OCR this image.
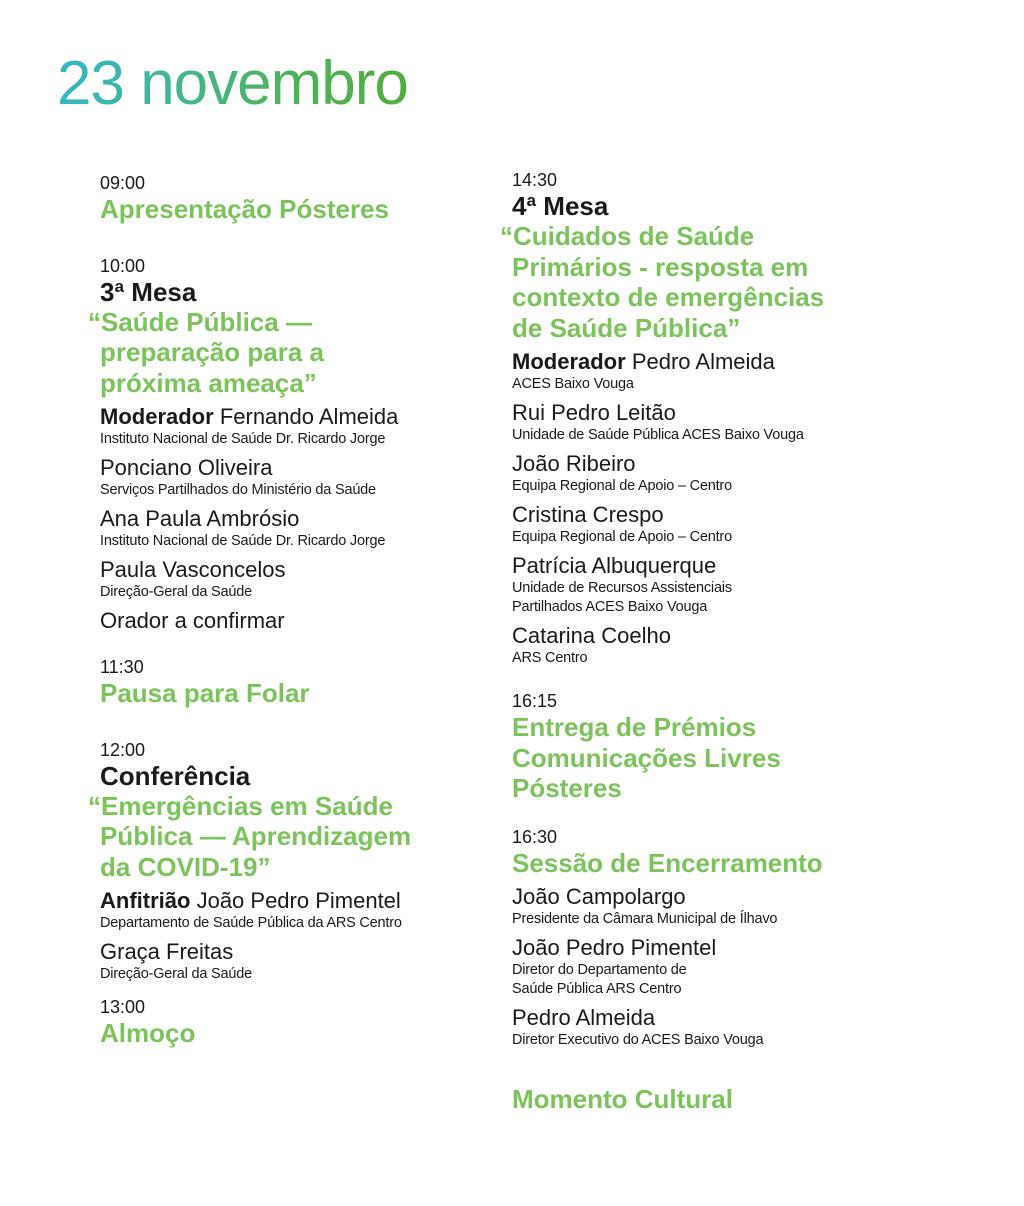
23 novembro
09:00
Apresentação Pósteres
10:00
3ª Mesa
“Saúde Pública —
preparação para a
próxima ameaça”
Moderador Fernando Almeida
Instituto Nacional de Saúde Dr. Ricardo Jorge
Ponciano Oliveira
Serviços Partilhados do Ministério da Saúde
Ana Paula Ambrósio
Instituto Nacional de Saúde Dr. Ricardo Jorge
Paula Vasconcelos
Direção-Geral da Saúde
Orador a confirmar
11:30
Pausa para Folar
12:00
Conferência
“Emergências em Saúde
Pública — Aprendizagem
da COVID-19”
Anfitrião João Pedro Pimentel
Departamento de Saúde Pública da ARS Centro
Graça Freitas
Direção-Geral da Saúde
13:00
Almoço
14:30
4ª Mesa
“Cuidados de Saúde
Primários - resposta em
contexto de emergências
de Saúde Pública”
Moderador Pedro Almeida
ACES Baixo Vouga
Rui Pedro Leitão
Unidade de Saúde Pública ACES Baixo Vouga
João Ribeiro
Equipa Regional de Apoio – Centro
Cristina Crespo
Equipa Regional de Apoio – Centro
Patrícia Albuquerque
Unidade de Recursos Assistenciais
Partilhados ACES Baixo Vouga
Catarina Coelho
ARS Centro
16:15
Entrega de Prémios
Comunicações Livres
Pósteres
16:30
Sessão de Encerramento
João Campolargo
Presidente da Câmara Municipal de Ílhavo
João Pedro Pimentel
Diretor do Departamento de
Saúde Pública ARS Centro
Pedro Almeida
Diretor Executivo do ACES Baixo Vouga
Momento Cultural
